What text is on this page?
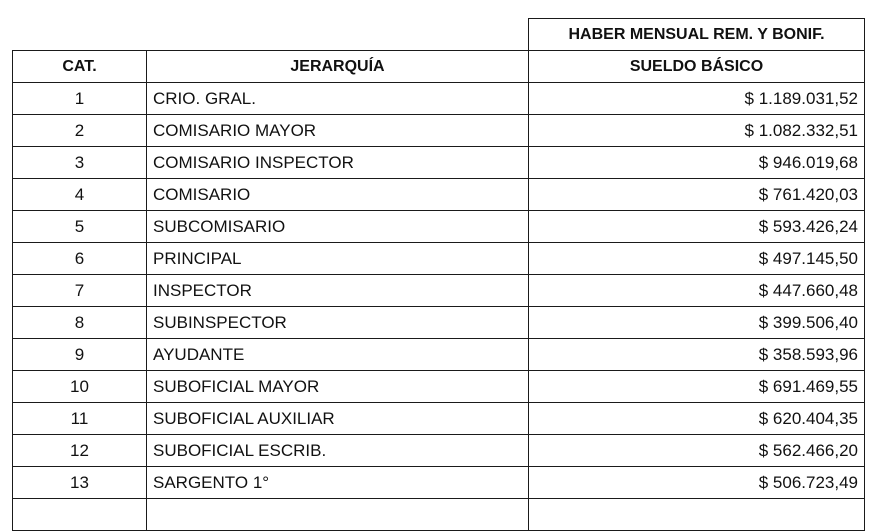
		HABER MENSUAL REM. Y BONIF.
CAT.	JERARQUÍA	SUELDO BÁSICO
1	CRIO. GRAL.	$ 1.189.031,52
2	COMISARIO MAYOR	$ 1.082.332,51
3	COMISARIO INSPECTOR	$ 946.019,68
4	COMISARIO	$ 761.420,03
5	SUBCOMISARIO	$ 593.426,24
6	PRINCIPAL	$ 497.145,50
7	INSPECTOR	$ 447.660,48
8	SUBINSPECTOR	$ 399.506,40
9	AYUDANTE	$ 358.593,96
10	SUBOFICIAL MAYOR	$ 691.469,55
11	SUBOFICIAL AUXILIAR	$ 620.404,35
12	SUBOFICIAL ESCRIB.	$ 562.466,20
13	SARGENTO 1°	$ 506.723,49
